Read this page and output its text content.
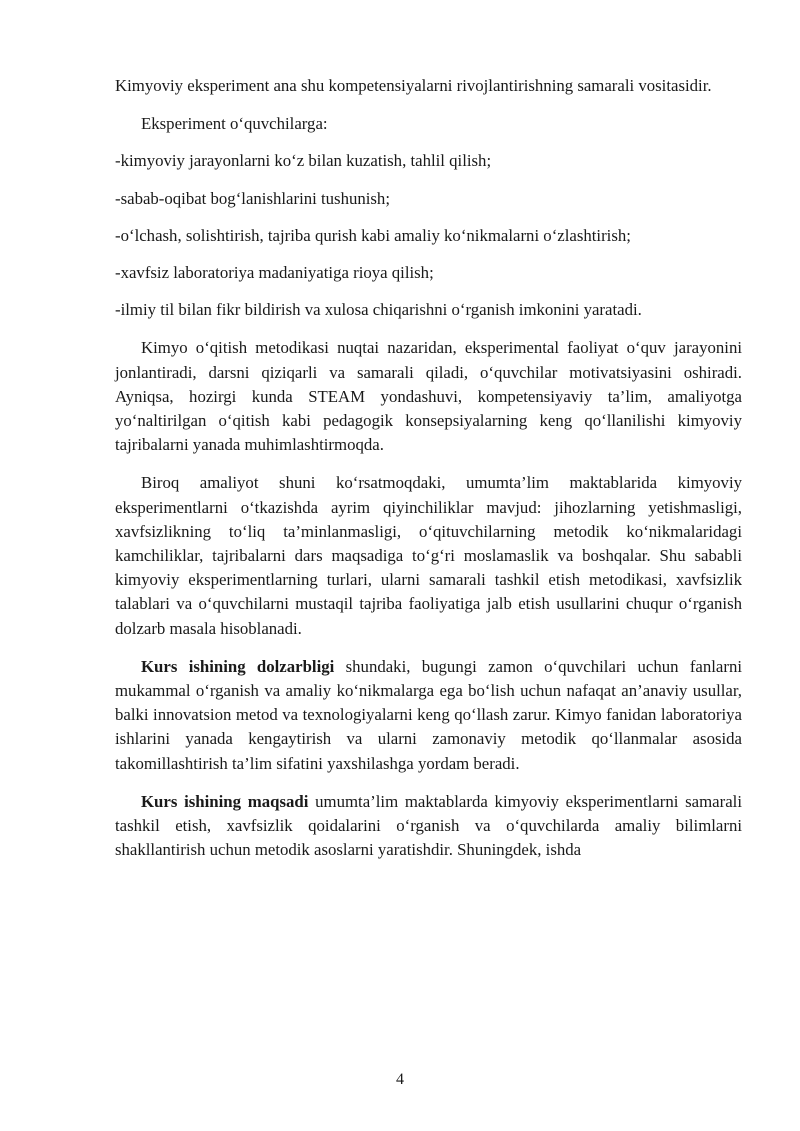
Kimyoviy eksperiment ana shu kompetensiyalarni rivojlantirishning samarali vositasidir.

Eksperiment o‘quvchilarga:

-kimyoviy jarayonlarni ko‘z bilan kuzatish, tahlil qilish;

-sabab-oqibat bog‘lanishlarini tushunish;

-o‘lchash, solishtirish, tajriba qurish kabi amaliy ko‘nikmalarni o‘zlashtirish;

-xavfsiz laboratoriya madaniyatiga rioya qilish;

-ilmiy til bilan fikr bildirish va xulosa chiqarishni o‘rganish imkonini yaratadi.

Kimyo o‘qitish metodikasi nuqtai nazaridan, eksperimental faoliyat o‘quv jarayonini jonlantiradi, darsni qiziqarli va samarali qiladi, o‘quvchilar motivatsiyasini oshiradi. Ayniqsa, hozirgi kunda STEAM yondashuvi, kompetensiyaviy ta’lim, amaliyotga yo‘naltirilgan o‘qitish kabi pedagogik konsepsiyalarning keng qo‘llanilishi kimyoviy tajribalarni yanada muhimlashtirmoqda.

Biroq amaliyot shuni ko‘rsatmoqdaki, umumta’lim maktablarida kimyoviy eksperimentlarni o‘tkazishda ayrim qiyinchiliklar mavjud: jihozlarning yetishmasligi, xavfsizlikning to‘liq ta’minlanmasligi, o‘qituvchilarning metodik ko‘nikmalaridagi kamchiliklar, tajribalarni dars maqsadiga to‘g‘ri moslamaslik va boshqalar. Shu sababli kimyoviy eksperimentlarning turlari, ularni samarali tashkil etish metodikasi, xavfsizlik talablari va o‘quvchilarni mustaqil tajriba faoliyatiga jalb etish usullarini chuqur o‘rganish dolzarb masala hisoblanadi.

Kurs ishining dolzarbligi shundaki, bugungi zamon o‘quvchilari uchun fanlarni mukammal o‘rganish va amaliy ko‘nikmalarga ega bo‘lish uchun nafaqat an’anaviy usullar, balki innovatsion metod va texnologiyalarni keng qo‘llash zarur. Kimyo fanidan laboratoriya ishlarini yanada kengaytirish va ularni zamonaviy metodik qo‘llanmalar asosida takomillashtirish ta’lim sifatini yaxshilashga yordam beradi.

Kurs ishining maqsadi umumta’lim maktablarda kimyoviy eksperimentlarni samarali tashkil etish, xavfsizlik qoidalarini o‘rganish va o‘quvchilarda amaliy bilimlarni shakllantirish uchun metodik asoslarni yaratishdir. Shuningdek, ishda

4
